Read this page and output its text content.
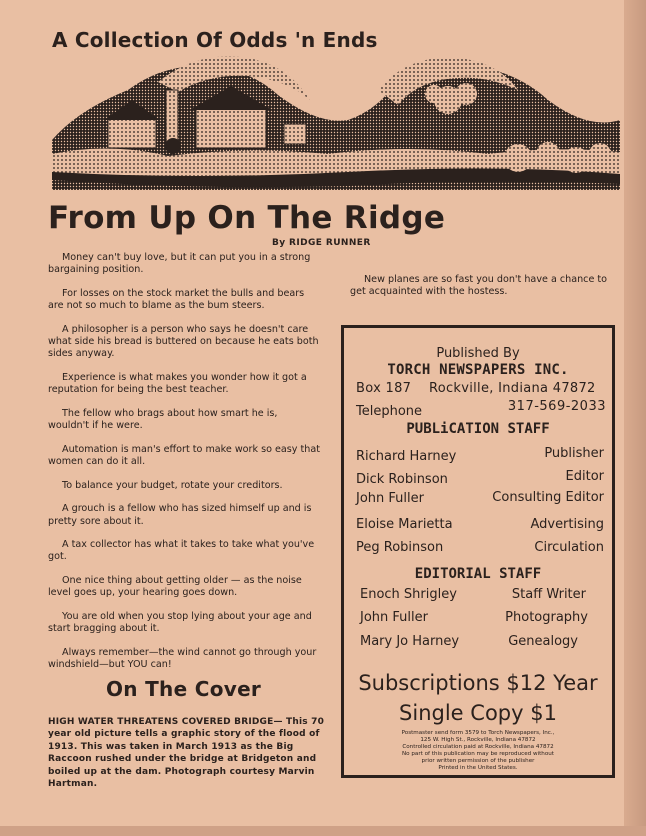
A Collection Of Odds 'n Ends
From Up On The Ridge
By RIDGE RUNNER

Money can't buy love, but it can put you in a strong bargaining position.

For losses on the stock market the bulls and bears are not so much to blame as the bum steers.

A philosopher is a person who says he doesn't care what side his bread is buttered on because he eats both sides anyway.

Experience is what makes you wonder how it got a reputation for being the best teacher.

The fellow who brags about how smart he is, wouldn't if he were.

Automation is man's effort to make work so easy that women can do it all.

To balance your budget, rotate your creditors.

A grouch is a fellow who has sized himself up and is pretty sore about it.

A tax collector has what it takes to take what you've got.

One nice thing about getting older — as the noise level goes up, your hearing goes down.

You are old when you stop lying about your age and start bragging about it.

Always remember—the wind cannot go through your windshield—but YOU can!

On The Cover
HIGH WATER THREATENS COVERED BRIDGE— This 70 year old picture tells a graphic story of the flood of 1913. This was taken in March 1913 as the Big Raccoon rushed under the bridge at Bridgeton and boiled up at the dam. Photograph courtesy Marvin Hartman.

New planes are so fast you don't have a chance to get acquainted with the hostess.

Published By
TORCH NEWSPAPERS INC.
Box 187    Rockville, Indiana 47872
Telephone	317-569-2033
PUBLiCATION STAFF
Richard Harney	Publisher
Dick Robinson	Editor
John Fuller	Consulting Editor
Eloise Marietta	Advertising
Peg Robinson	Circulation
EDITORIAL STAFF
Enoch Shrigley	Staff Writer
John Fuller	Photography
Mary Jo Harney	Genealogy
Subscriptions $12 Year
Single Copy $1
Postmaster send form 3579 to Torch Newspapers, Inc.,
125 W. High St., Rockville, Indiana 47872
Controlled circulation paid at Rockville, Indiana 47872
No part of this publication may be reproduced without
prior written permission of the publisher
Printed in the United States.
